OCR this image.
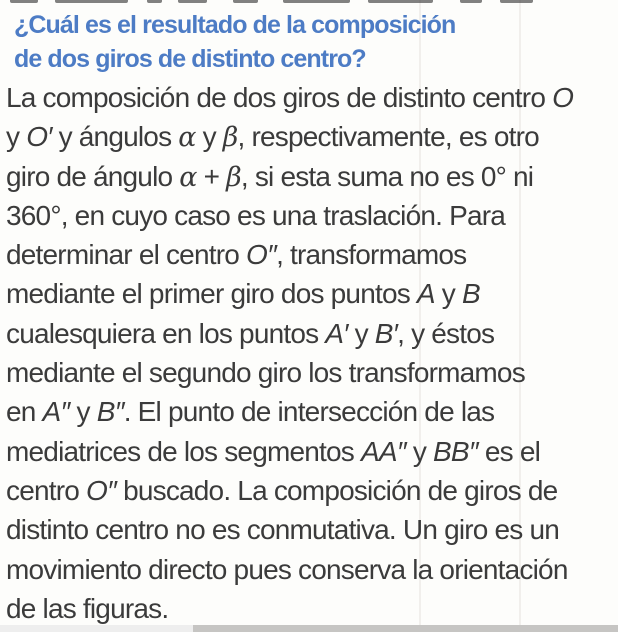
¿Cuál es el resultado de la composición
de dos giros de distinto centro?
La composición de dos giros de distinto centro O
y O′ y ángulos α y β, respectivamente, es otro
giro de ángulo α + β, si esta suma no es 0° ni
360°, en cuyo caso es una traslación. Para
determinar el centro O″, transformamos
mediante el primer giro dos puntos A y B
cualesquiera en los puntos A′ y B′, y éstos
mediante el segundo giro los transformamos
en A″ y B″. El punto de intersección de las
mediatrices de los segmentos AA″ y BB″ es el
centro O″ buscado. La composición de giros de
distinto centro no es conmutativa. Un giro es un
movimiento directo pues conserva la orientación
de las figuras.
